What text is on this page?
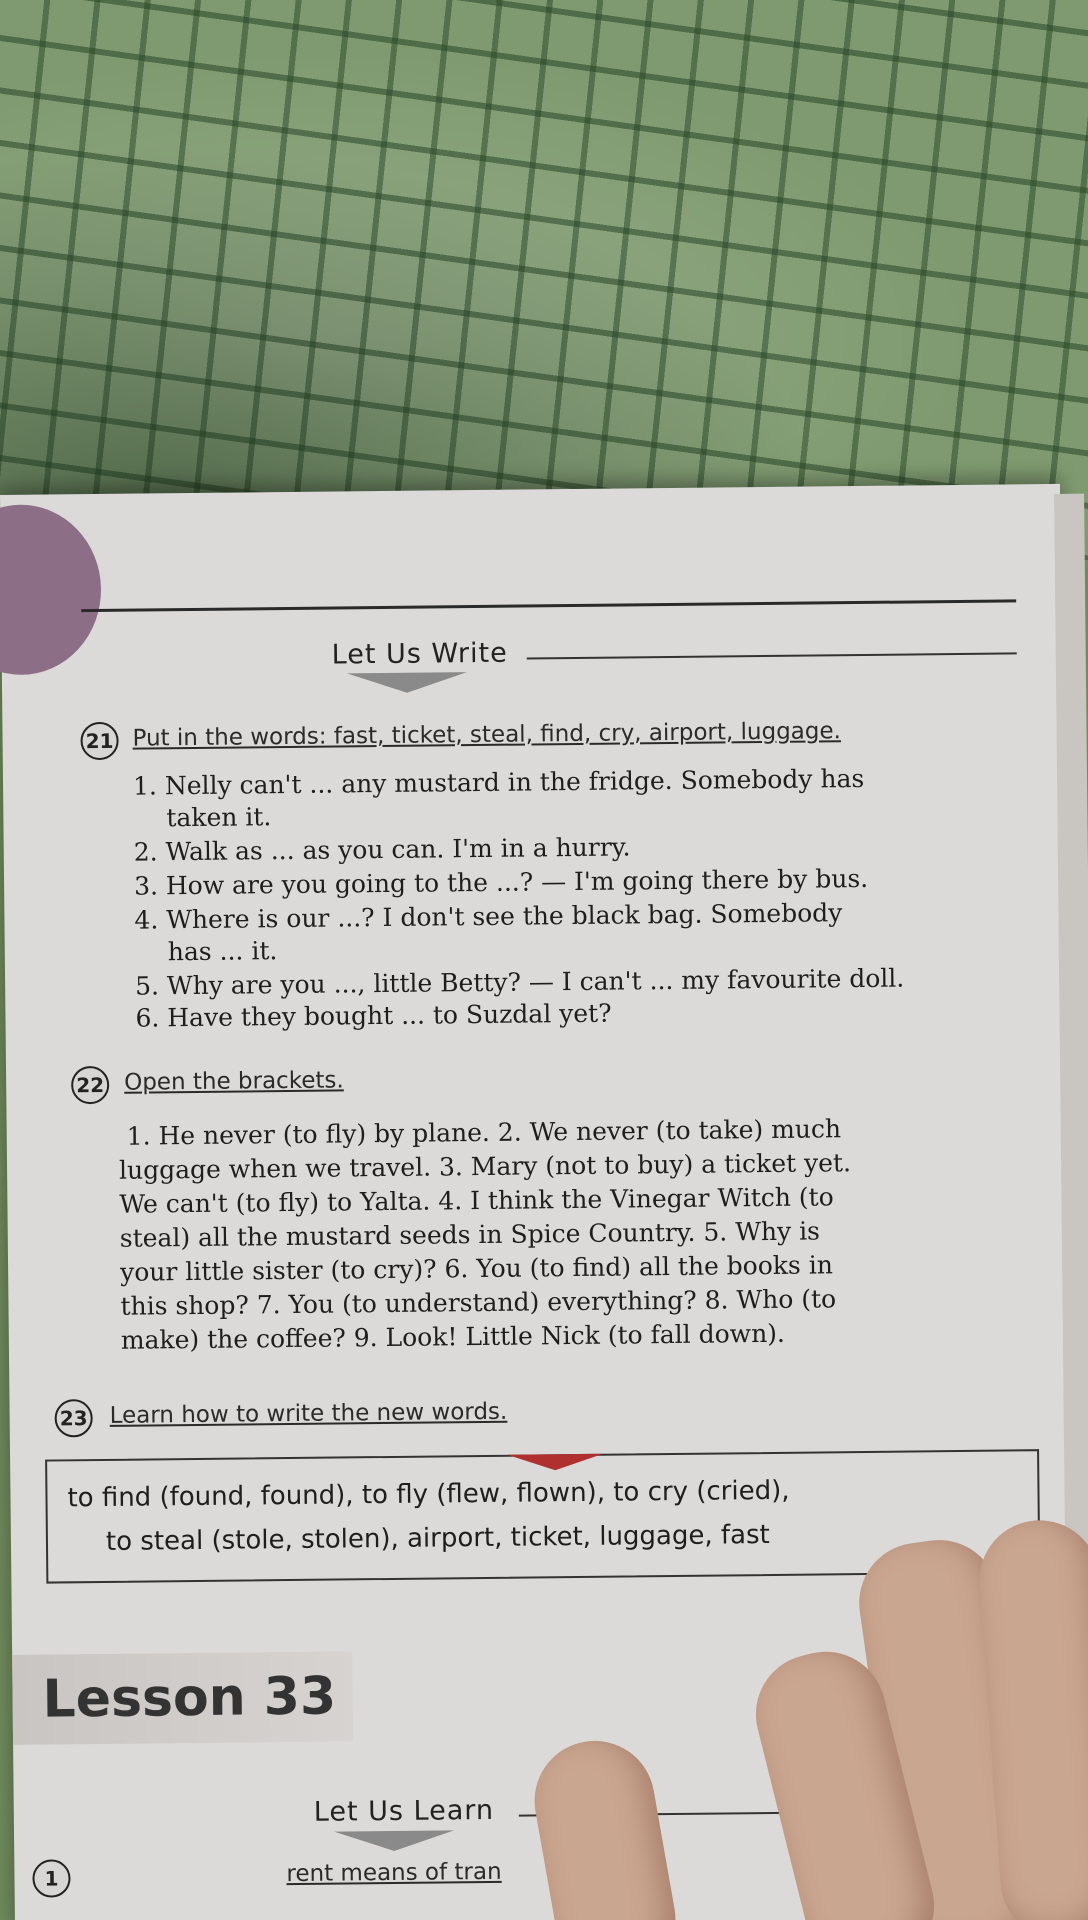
Let Us Write
21 Put in the words: fast, ticket, steal, find, cry, airport, luggage.
1. Nelly can't ... any mustard in the fridge. Somebody has
taken it.
2. Walk as ... as you can. I'm in a hurry.
3. How are you going to the ...? — I'm going there by bus.
4. Where is our ...? I don't see the black bag. Somebody
has ... it.
5. Why are you ..., little Betty? — I can't ... my favourite doll.
6. Have they bought ... to Suzdal yet?
22 Open the brackets.
1. He never (to fly) by plane. 2. We never (to take) much
luggage when we travel. 3. Mary (not to buy) a ticket yet.
We can't (to fly) to Yalta. 4. I think the Vinegar Witch (to
steal) all the mustard seeds in Spice Country. 5. Why is
your little sister (to cry)? 6. You (to find) all the books in
this shop? 7. You (to understand) everything? 8. Who (to
make) the coffee? 9. Look! Little Nick (to fall down).
23 Learn how to write the new words.
to find (found, found), to fly (flew, flown), to cry (cried),
to steal (stole, stolen), airport, ticket, luggage, fast
Lesson 33
Let Us Learn
1	rent means of tran
